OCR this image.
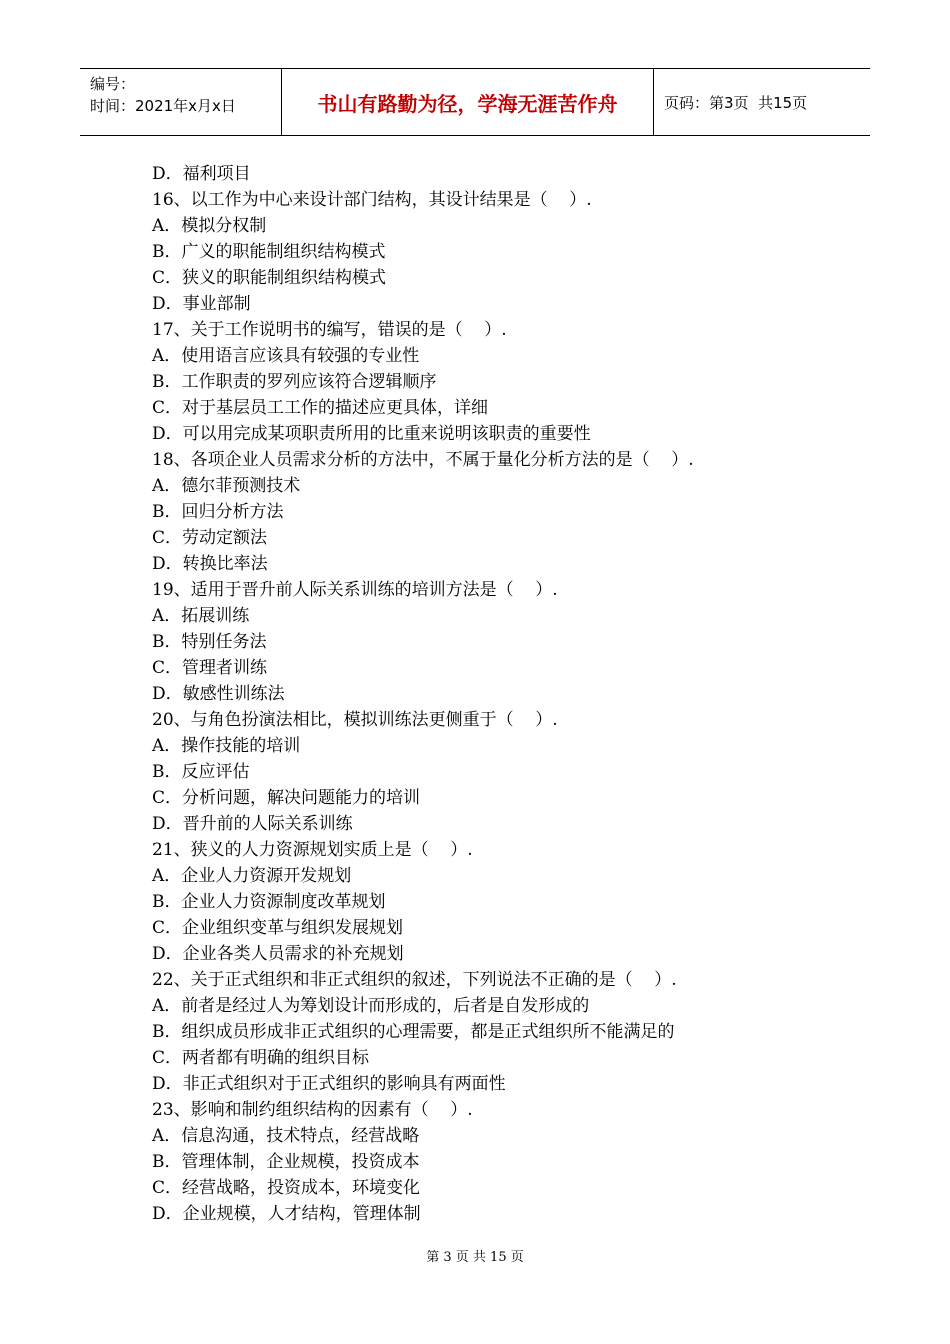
编号：
时间：2021年x月x日	书山有路勤为径，学海无涯苦作舟	页码：第3页  共15页
D．福利项目
16、以工作为中心来设计部门结构，其设计结果是（    ）.
A．模拟分权制
B．广义的职能制组织结构模式
C．狭义的职能制组织结构模式
D．事业部制
17、关于工作说明书的编写，错误的是（    ）.
A．使用语言应该具有较强的专业性
B．工作职责的罗列应该符合逻辑顺序
C．对于基层员工工作的描述应更具体，详细
D．可以用完成某项职责所用的比重来说明该职责的重要性
18、各项企业人员需求分析的方法中，不属于量化分析方法的是（    ）.
A．德尔菲预测技术
B．回归分析方法
C．劳动定额法
D．转换比率法
19、适用于晋升前人际关系训练的培训方法是（    ）.
A．拓展训练
B．特别任务法
C．管理者训练
D．敏感性训练法
20、与角色扮演法相比，模拟训练法更侧重于（    ）.
A．操作技能的培训
B．反应评估
C．分析问题，解决问题能力的培训
D．晋升前的人际关系训练
21、狭义的人力资源规划实质上是（    ）.
A．企业人力资源开发规划
B．企业人力资源制度改革规划
C．企业组织变革与组织发展规划
D．企业各类人员需求的补充规划
22、关于正式组织和非正式组织的叙述，下列说法不正确的是（    ）.
A．前者是经过人为筹划设计而形成的，后者是自发形成的
B．组织成员形成非正式组织的心理需要，都是正式组织所不能满足的
C．两者都有明确的组织目标
D．非正式组织对于正式组织的影响具有两面性
23、影响和制约组织结构的因素有（    ）.
A．信息沟通，技术特点，经营战略
B．管理体制，企业规模，投资成本
C．经营战略，投资成本，环境变化
D．企业规模，人才结构，管理体制
第 3 页 共 15 页
